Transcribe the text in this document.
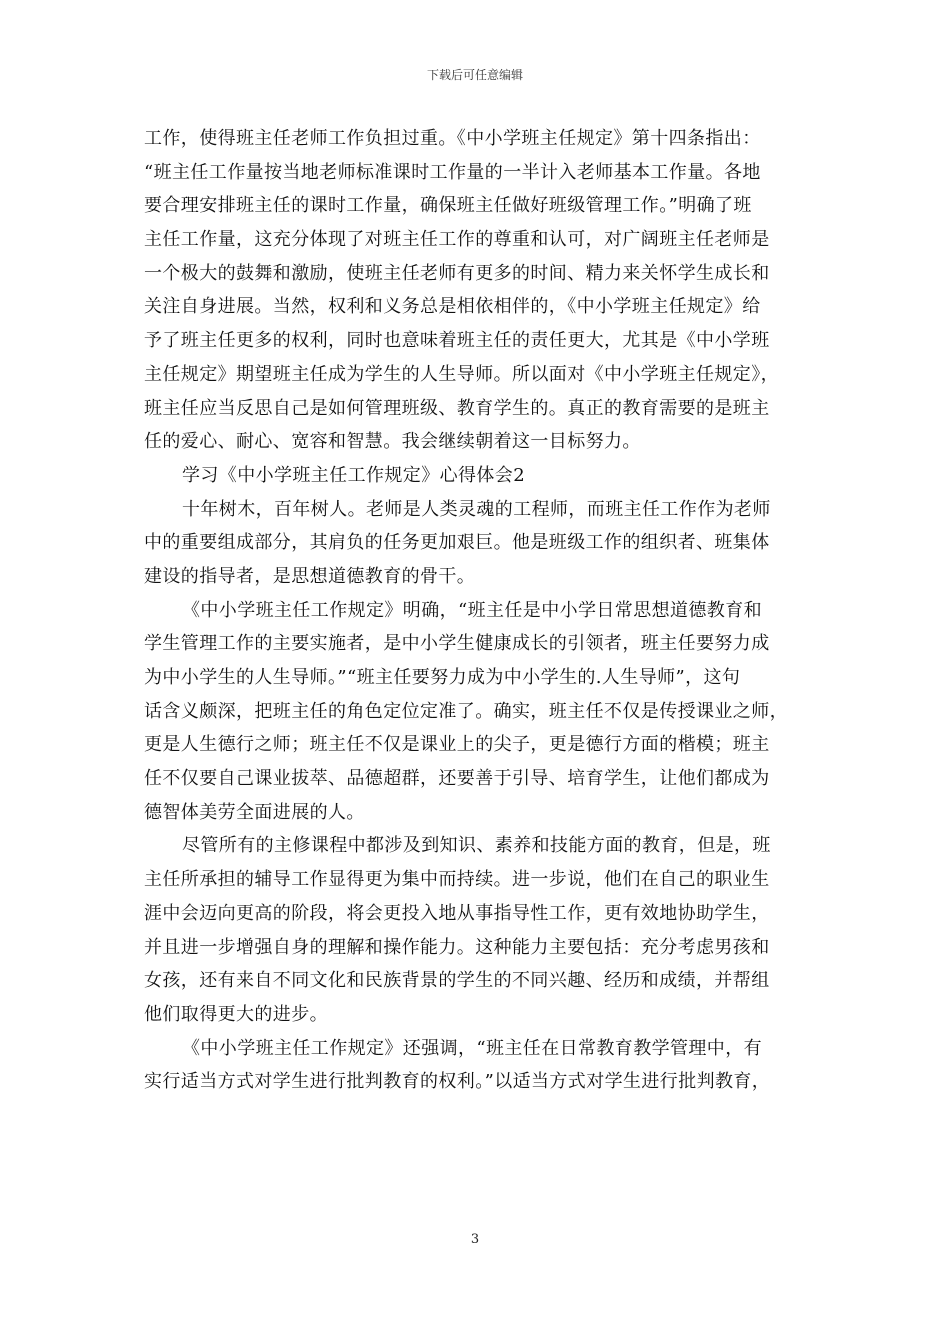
下载后可任意编辑
工作，使得班主任老师工作负担过重。《中小学班主任规定》第十四条指出：
“班主任工作量按当地老师标准课时工作量的一半计入老师基本工作量。各地
要合理安排班主任的课时工作量，确保班主任做好班级管理工作。”明确了班
主任工作量，这充分体现了对班主任工作的尊重和认可，对广阔班主任老师是
一个极大的鼓舞和激励，使班主任老师有更多的时间、精力来关怀学生成长和
关注自身进展。当然，权利和义务总是相依相伴的，《中小学班主任规定》给
予了班主任更多的权利，同时也意味着班主任的责任更大，尤其是《中小学班
主任规定》期望班主任成为学生的人生导师。所以面对《中小学班主任规定》，
班主任应当反思自己是如何管理班级、教育学生的。真正的教育需要的是班主
任的爱心、耐心、宽容和智慧。我会继续朝着这一目标努力。
学习《中小学班主任工作规定》心得体会2
十年树木，百年树人。老师是人类灵魂的工程师，而班主任工作作为老师
中的重要组成部分，其肩负的任务更加艰巨。他是班级工作的组织者、班集体
建设的指导者，是思想道德教育的骨干。
《中小学班主任工作规定》明确，“班主任是中小学日常思想道德教育和
学生管理工作的主要实施者，是中小学生健康成长的引领者，班主任要努力成
为中小学生的人生导师。”“班主任要努力成为中小学生的.人生导师”，这句
话含义颇深，把班主任的角色定位定准了。确实，班主任不仅是传授课业之师，
更是人生德行之师；班主任不仅是课业上的尖子，更是德行方面的楷模；班主
任不仅要自己课业拔萃、品德超群，还要善于引导、培育学生，让他们都成为
德智体美劳全面进展的人。
尽管所有的主修课程中都涉及到知识、素养和技能方面的教育，但是，班
主任所承担的辅导工作显得更为集中而持续。进一步说，他们在自己的职业生
涯中会迈向更高的阶段，将会更投入地从事指导性工作，更有效地协助学生，
并且进一步增强自身的理解和操作能力。这种能力主要包括：充分考虑男孩和
女孩，还有来自不同文化和民族背景的学生的不同兴趣、经历和成绩，并帮组
他们取得更大的进步。
《中小学班主任工作规定》还强调，“班主任在日常教育教学管理中，有
实行适当方式对学生进行批判教育的权利。”以适当方式对学生进行批判教育，
3
